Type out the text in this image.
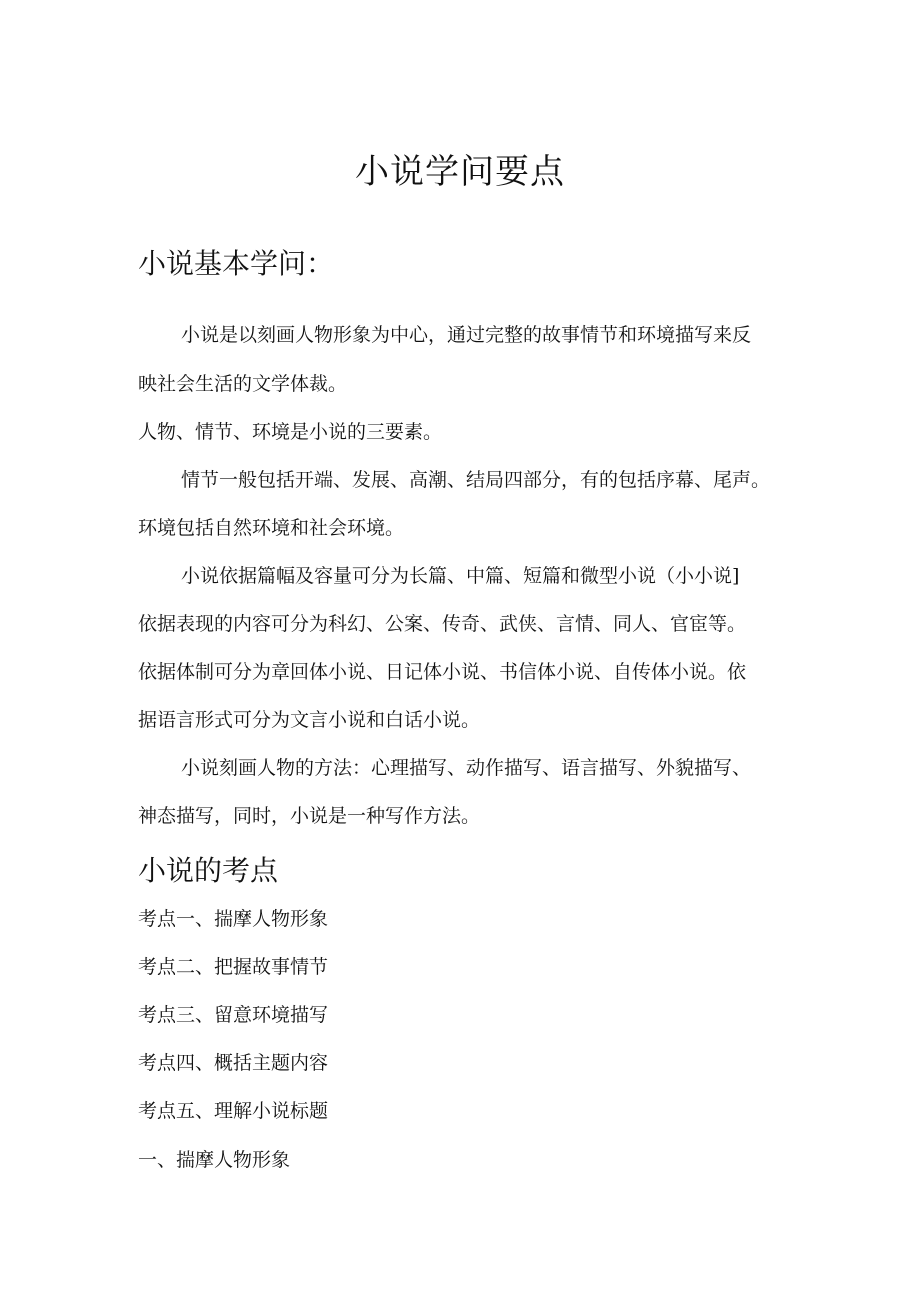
小说学问要点
小说基本学问：
小说是以刻画人物形象为中心，通过完整的故事情节和环境描写来反
映社会生活的文学体裁。
人物、情节、环境是小说的三要素。
情节一般包括开端、发展、高潮、结局四部分，有的包括序幕、尾声。
环境包括自然环境和社会环境。
小说依据篇幅及容量可分为长篇、中篇、短篇和微型小说（小小说]
依据表现的内容可分为科幻、公案、传奇、武侠、言情、同人、官宦等。
依据体制可分为章回体小说、日记体小说、书信体小说、自传体小说。依
据语言形式可分为文言小说和白话小说。
小说刻画人物的方法：心理描写、动作描写、语言描写、外貌描写、
神态描写，同时，小说是一种写作方法。
小说的考点
考点一、揣摩人物形象
考点二、把握故事情节
考点三、留意环境描写
考点四、概括主题内容
考点五、理解小说标题
一、揣摩人物形象
